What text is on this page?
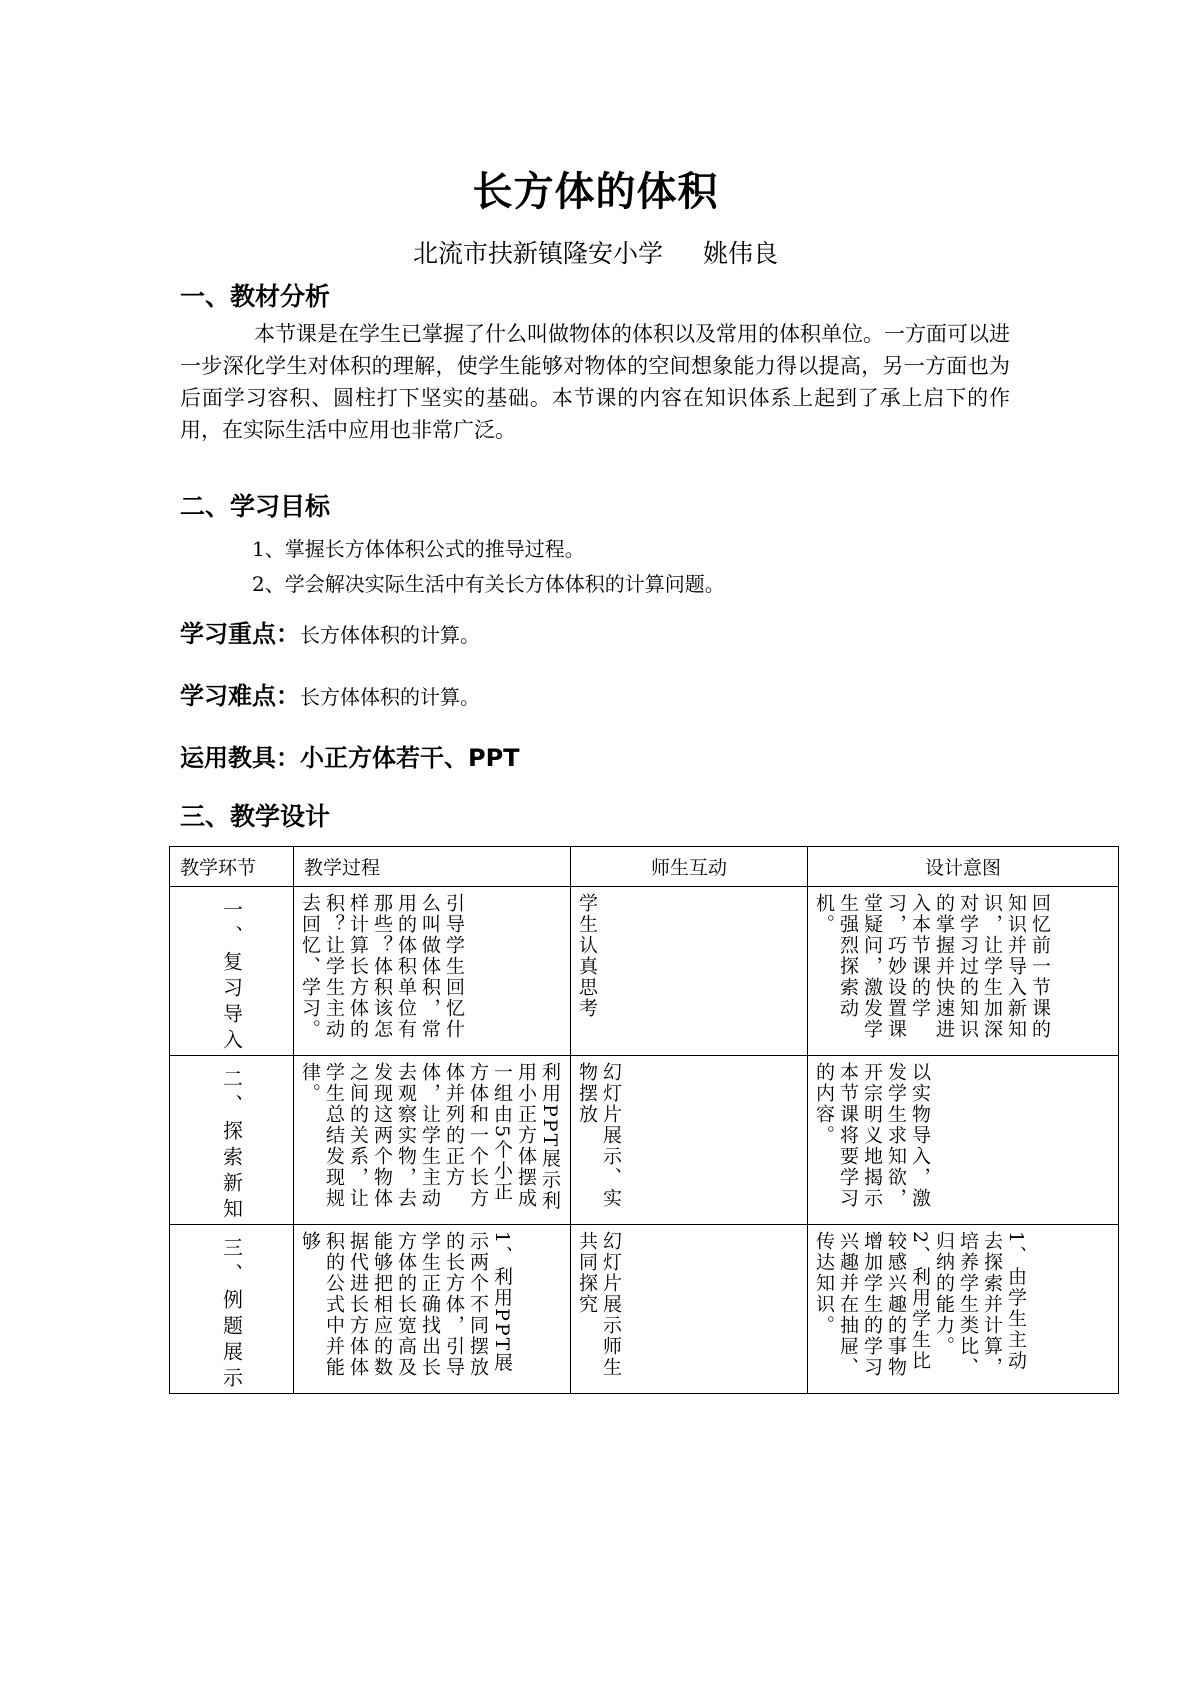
长方体的体积
北流市扶新镇隆安小学 姚伟良
一、教材分析
本节课是在学生已掌握了什么叫做物体的体积以及常用的体积单位。一方面可以进一步深化学生对体积的理解，使学生能够对物体的空间想象能力得以提高，另一方面也为后面学习容积、圆柱打下坚实的基础。本节课的内容在知识体系上起到了承上启下的作用，在实际生活中应用也非常广泛。
二、学习目标
1、掌握长方体体积公式的推导过程。
2、学会解决实际生活中有关长方体体积的计算问题。
学习重点：长方体体积的计算。
学习难点：长方体体积的计算。
运用教具：小正方体若干、PPT
三、教学设计
教学环节	教学过程	师生互动	设计意图

一、复习导入	引导学生回忆什么叫做体积，常用的体积单位有那些？体积该怎样计算长方体的积？让学生主动去回忆、学习。	学生认真思考	回忆前一节课的知识并导入新知识，让学生加深对学习过的知识的掌握并快速进入本节课的学习，巧妙设置课堂疑问，激发学生强烈探索动机。

二、探索新知	利用PPT展示利用小正方体摆成一组由5个小正方体和一个长方体并列的正方体，让学生主动去观察实物，去发现这两个物体之间的关系，让学生总结发现规律。	幻灯片展示、实物摆放	以实物导入，激发学生求知欲，开宗明义地揭示本节课将要学习的内容。

三、例题展示	1、利用PPT展示两个不同摆放的长方体，引导学生正确找出长方体的长宽高及能够把相应的数据代进长方体体积的公式中并能够	幻灯片展示师生共同探究	1、由学生主动去探索并计算，培养学生类比、归纳的能力。2、利用学生比较感兴趣的事物增加学生的学习兴趣并在抽屉、传达知识。
